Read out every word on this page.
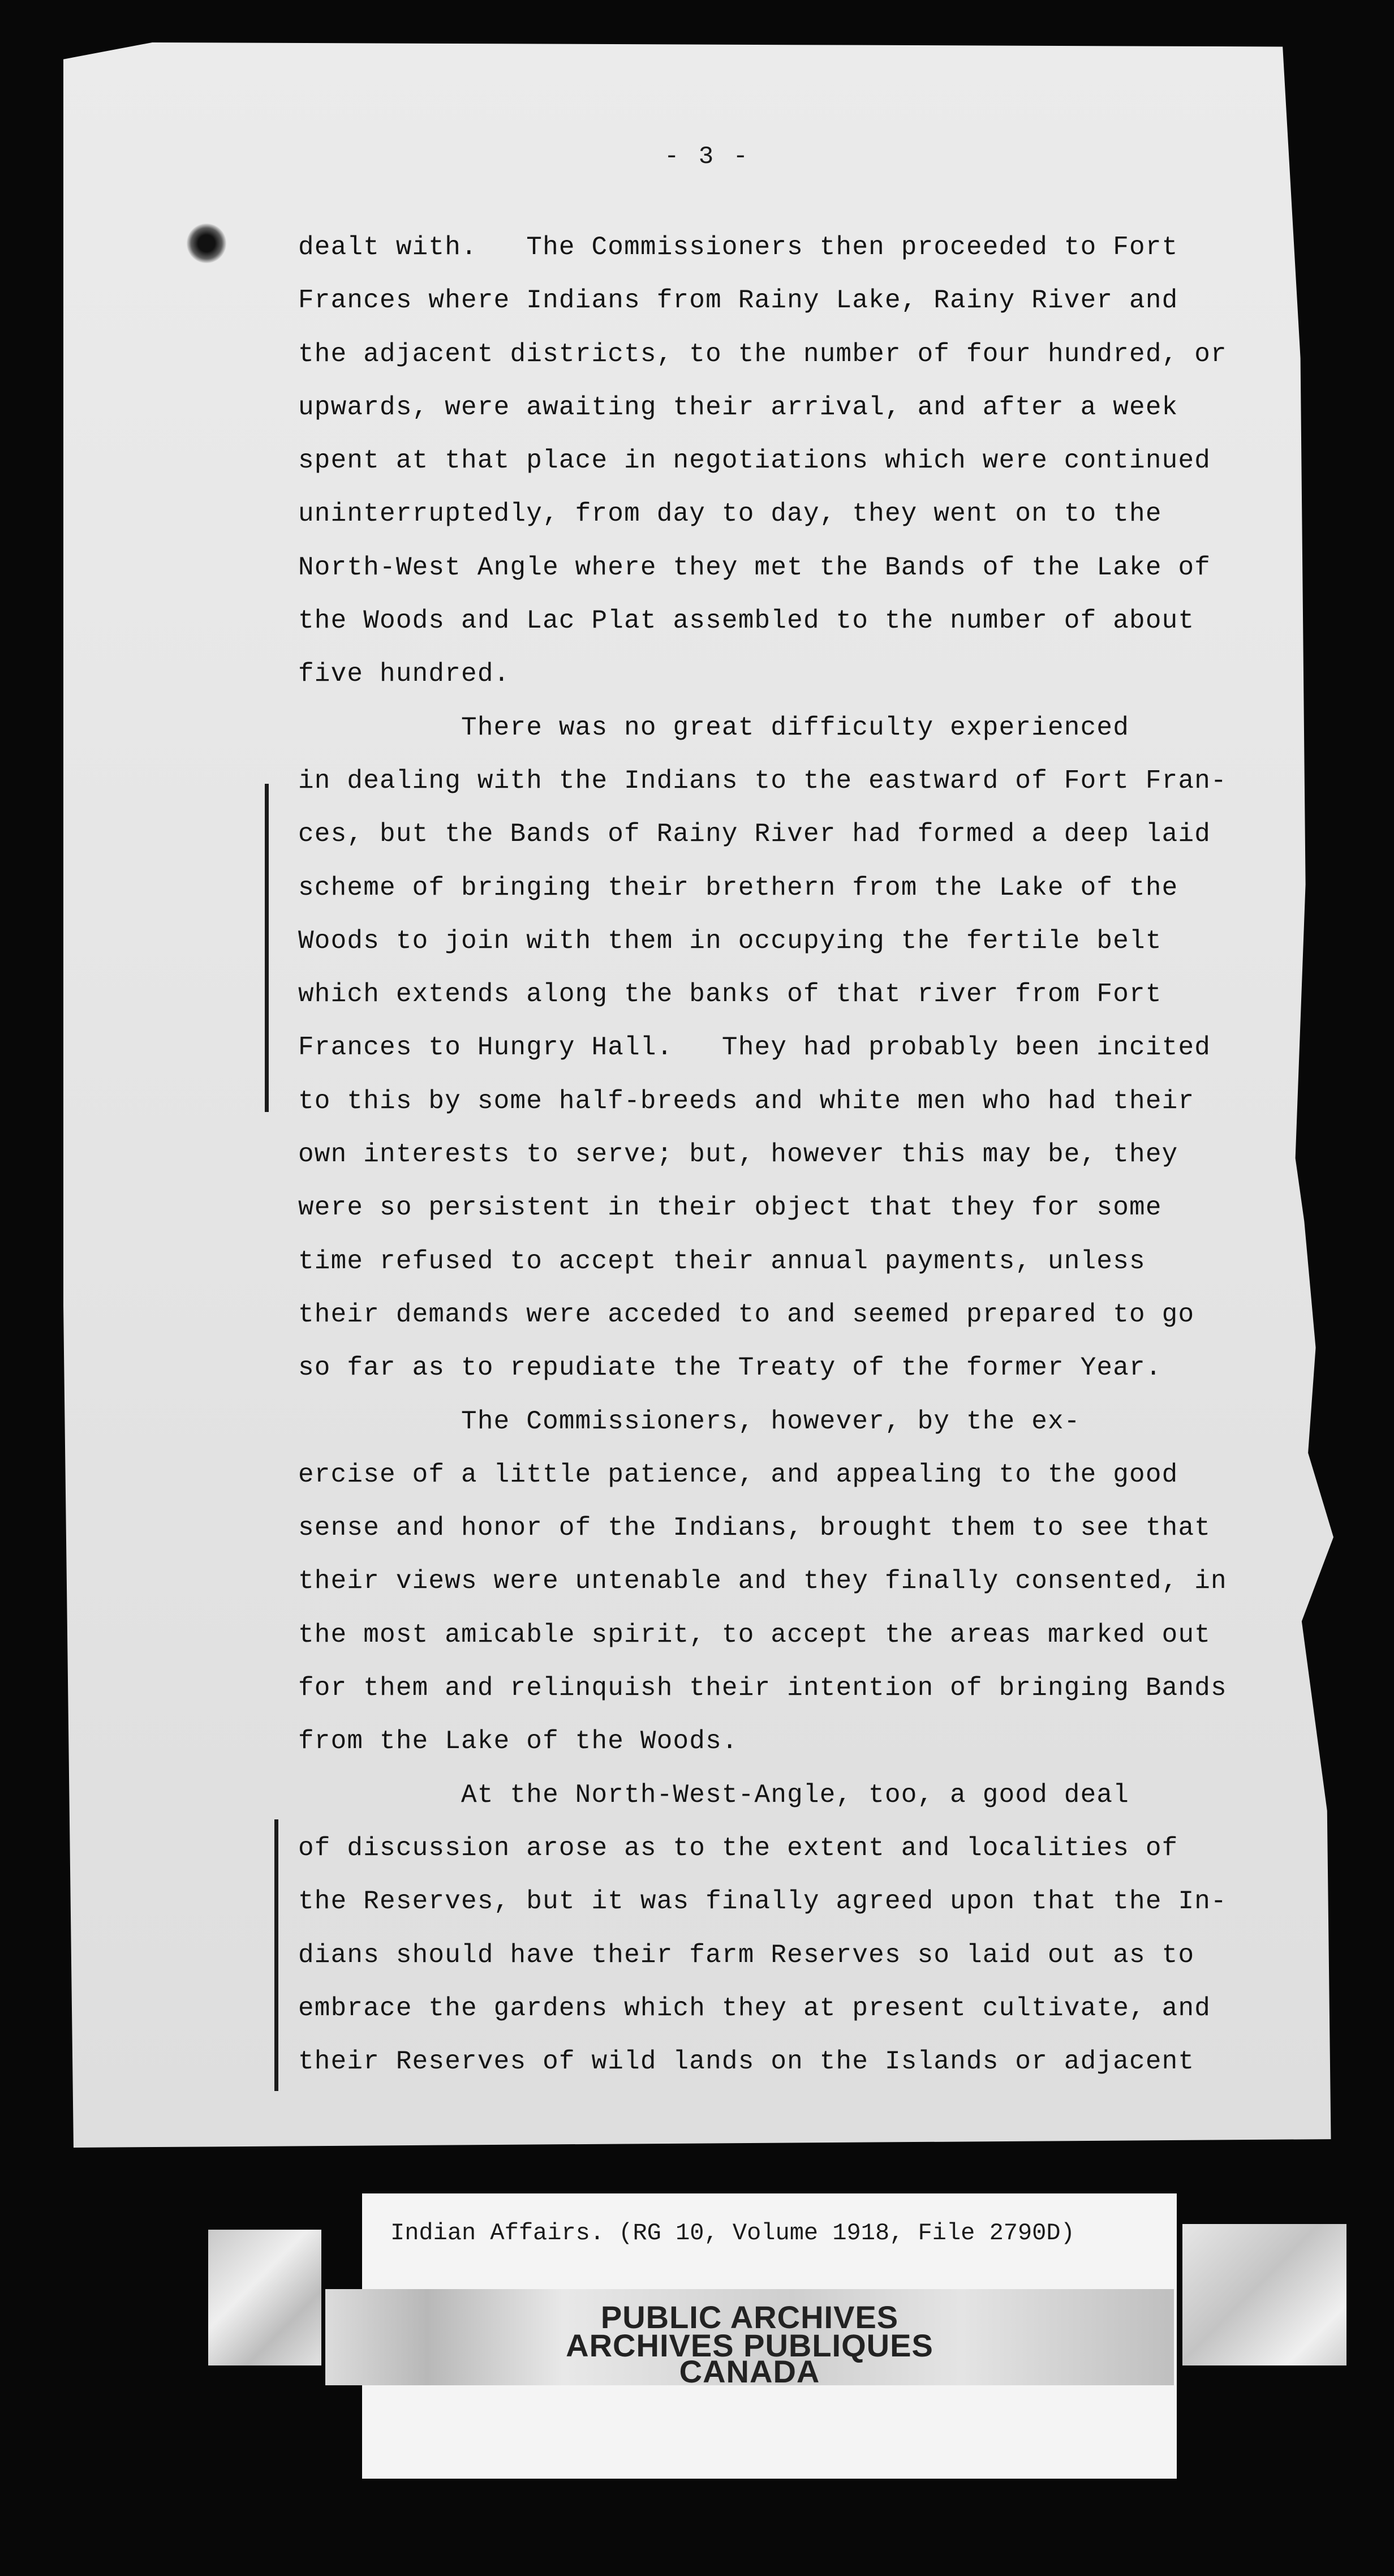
- 3 -
dealt with.   The Commissioners then proceeded to Fort
Frances where Indians from Rainy Lake, Rainy River and
the adjacent districts, to the number of four hundred, or
upwards, were awaiting their arrival, and after a week
spent at that place in negotiations which were continued
uninterruptedly, from day to day, they went on to the
North-West Angle where they met the Bands of the Lake of
the Woods and Lac Plat assembled to the number of about
five hundred.
There was no great difficulty experienced
in dealing with the Indians to the eastward of Fort Fran-
ces, but the Bands of Rainy River had formed a deep laid
scheme of bringing their brethern from the Lake of the
Woods to join with them in occupying the fertile belt
which extends along the banks of that river from Fort
Frances to Hungry Hall.   They had probably been incited
to this by some half-breeds and white men who had their
own interests to serve; but, however this may be, they
were so persistent in their object that they for some
time refused to accept their annual payments, unless
their demands were acceded to and seemed prepared to go
so far as to repudiate the Treaty of the former Year.
The Commissioners, however, by the ex-
ercise of a little patience, and appealing to the good
sense and honor of the Indians, brought them to see that
their views were untenable and they finally consented, in
the most amicable spirit, to accept the areas marked out
for them and relinquish their intention of bringing Bands
from the Lake of the Woods.
At the North-West-Angle, too, a good deal
of discussion arose as to the extent and localities of
the Reserves, but it was finally agreed upon that the In-
dians should have their farm Reserves so laid out as to
embrace the gardens which they at present cultivate, and
their Reserves of wild lands on the Islands or adjacent
Indian Affairs. (RG 10, Volume 1918, File 2790D)
PUBLIC ARCHIVES
ARCHIVES PUBLIQUES
CANADA
